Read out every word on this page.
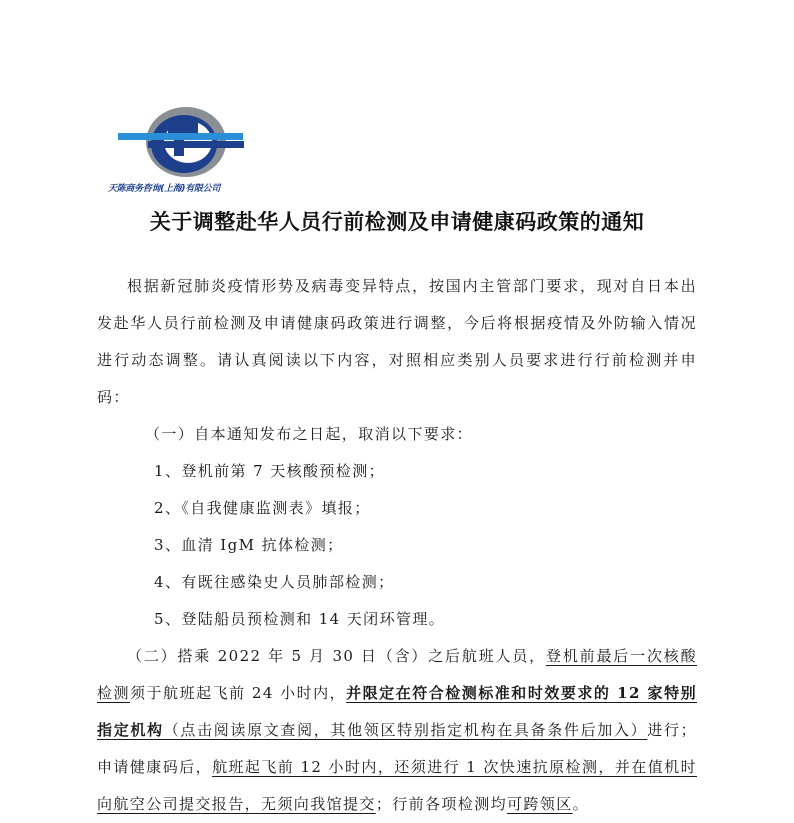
天陈商务咨询(上海)有限公司
关于调整赴华人员行前检测及申请健康码政策的通知
根据新冠肺炎疫情形势及病毒变异特点，按国内主管部门要求，现对自日本出发赴华人员行前检测及申请健康码政策进行调整，今后将根据疫情及外防输入情况进行动态调整。请认真阅读以下内容，对照相应类别人员要求进行行前检测并申码：
（一）自本通知发布之日起，取消以下要求：
1、登机前第 7 天核酸预检测；
2、《自我健康监测表》填报；
3、血清 IgM 抗体检测；
4、有既往感染史人员肺部检测；
5、登陆船员预检测和 14 天闭环管理。
（二）搭乘 2022 年 5 月 30 日（含）之后航班人员，登机前最后一次核酸检测须于航班起飞前 24 小时内，并限定在符合检测标准和时效要求的 12 家特别指定机构（点击阅读原文查阅，其他领区特别指定机构在具备条件后加入）进行；申请健康码后，航班起飞前 12 小时内，还须进行 1 次快速抗原检测，并在值机时向航空公司提交报告，无须向我馆提交；行前各项检测均可跨领区。
